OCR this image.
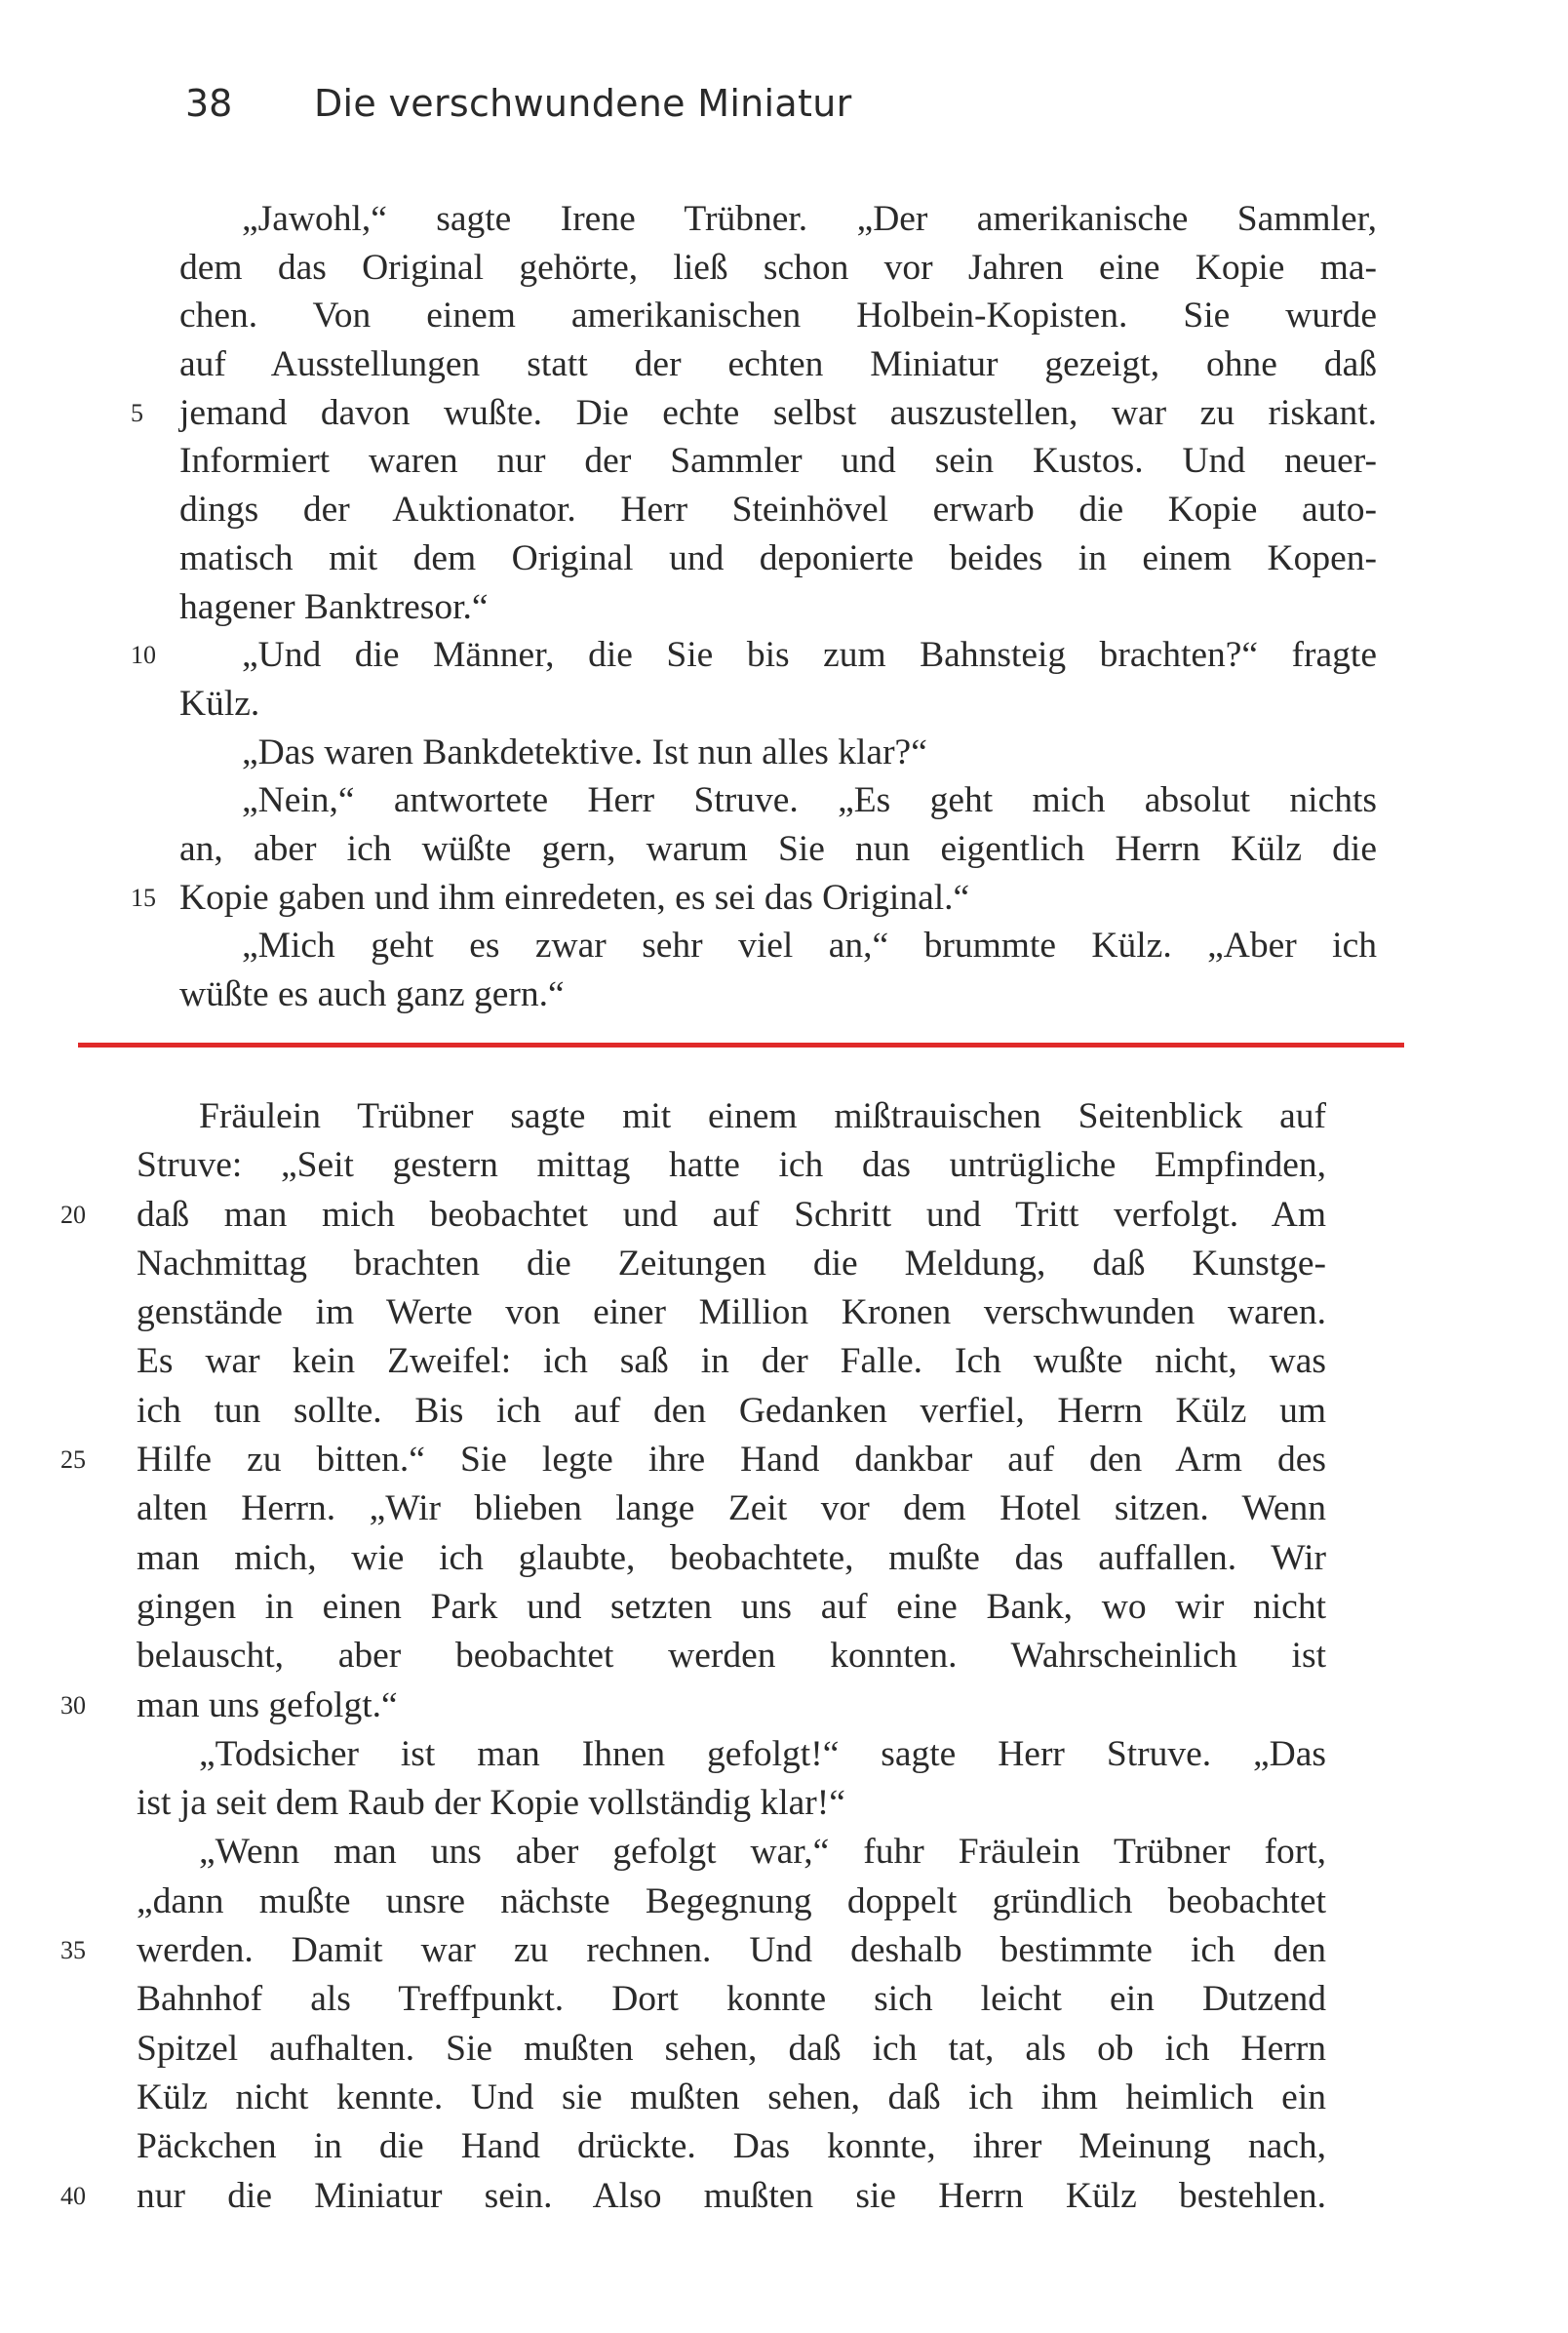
38 Die verschwundene Miniatur
„Jawohl,“ sagte Irene Trübner. „Der amerikanische Sammler,
dem das Original gehörte, ließ schon vor Jahren eine Kopie ma-
chen. Von einem amerikanischen Holbein-Kopisten. Sie wurde
auf Ausstellungen statt der echten Miniatur gezeigt, ohne daß
jemand davon wußte. Die echte selbst auszustellen, war zu riskant.
5
Informiert waren nur der Sammler und sein Kustos. Und neuer-
dings der Auktionator. Herr Steinhövel erwarb die Kopie auto-
matisch mit dem Original und deponierte beides in einem Kopen-
hagener Banktresor.“
„Und die Männer, die Sie bis zum Bahnsteig brachten?“ fragte
10
Külz.
„Das waren Bankdetektive. Ist nun alles klar?“
„Nein,“ antwortete Herr Struve. „Es geht mich absolut nichts
an, aber ich wüßte gern, warum Sie nun eigentlich Herrn Külz die
Kopie gaben und ihm einredeten, es sei das Original.“
15
„Mich geht es zwar sehr viel an,“ brummte Külz. „Aber ich
wüßte es auch ganz gern.“
Fräulein Trübner sagte mit einem mißtrauischen Seitenblick auf
Struve: „Seit gestern mittag hatte ich das untrügliche Empfinden,
daß man mich beobachtet und auf Schritt und Tritt verfolgt. Am
20
Nachmittag brachten die Zeitungen die Meldung, daß Kunstge-
genstände im Werte von einer Million Kronen verschwunden waren.
Es war kein Zweifel: ich saß in der Falle. Ich wußte nicht, was
ich tun sollte. Bis ich auf den Gedanken verfiel, Herrn Külz um
Hilfe zu bitten.“ Sie legte ihre Hand dankbar auf den Arm des
25
alten Herrn. „Wir blieben lange Zeit vor dem Hotel sitzen. Wenn
man mich, wie ich glaubte, beobachtete, mußte das auffallen. Wir
gingen in einen Park und setzten uns auf eine Bank, wo wir nicht
belauscht, aber beobachtet werden konnten. Wahrscheinlich ist
man uns gefolgt.“
30
„Todsicher ist man Ihnen gefolgt!“ sagte Herr Struve. „Das
ist ja seit dem Raub der Kopie vollständig klar!“
„Wenn man uns aber gefolgt war,“ fuhr Fräulein Trübner fort,
„dann mußte unsre nächste Begegnung doppelt gründlich beobachtet
werden. Damit war zu rechnen. Und deshalb bestimmte ich den
35
Bahnhof als Treffpunkt. Dort konnte sich leicht ein Dutzend
Spitzel aufhalten. Sie mußten sehen, daß ich tat, als ob ich Herrn
Külz nicht kennte. Und sie mußten sehen, daß ich ihm heimlich ein
Päckchen in die Hand drückte. Das konnte, ihrer Meinung nach,
nur die Miniatur sein. Also mußten sie Herrn Külz bestehlen.
40
